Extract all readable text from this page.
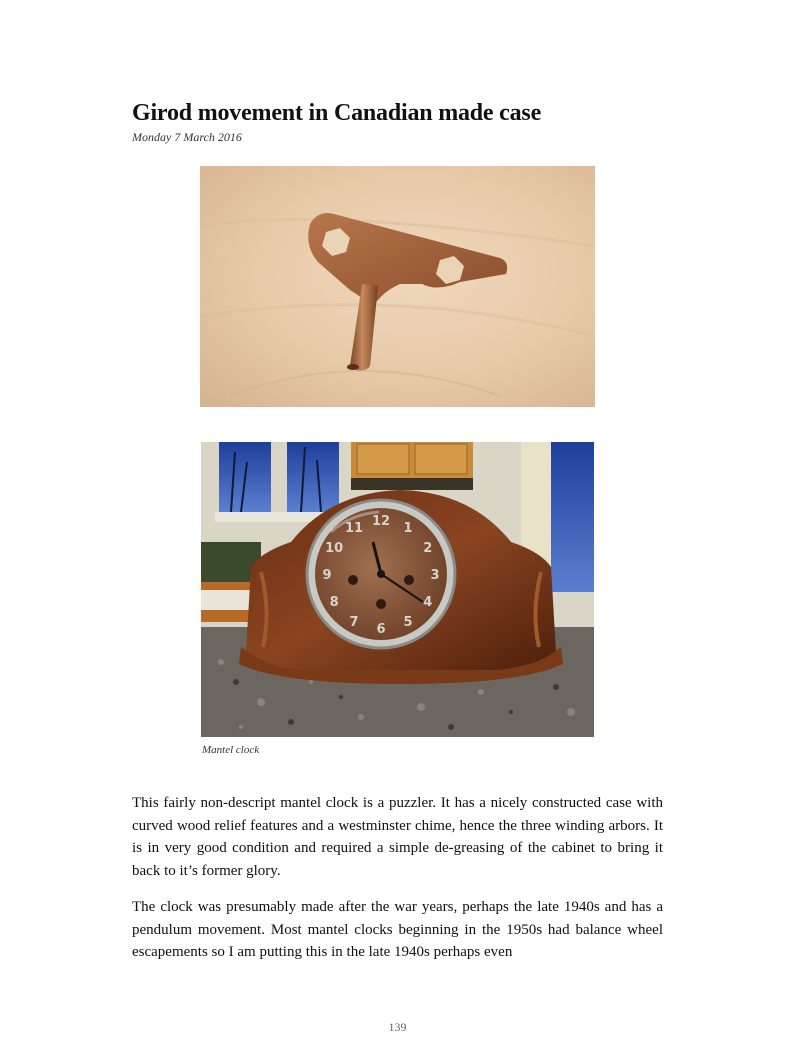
Girod movement in Canadian made case
Monday 7 March 2016
12 1
2
3
4
5
6
7
8
9
10
11
Mantel clock

This fairly non-descript mantel clock is a puzzler. It has a nicely constructed case with curved wood relief features and a westminster chime, hence the three winding arbors. It is in very good condition and required a simple de-greasing of the cabinet to bring it back to it’s former glory.

The clock was presumably made after the war years, perhaps the late 1940s and has a pendulum movement. Most mantel clocks beginning in the 1950s had balance wheel escapements so I am putting this in the late 1940s perhaps even

139
